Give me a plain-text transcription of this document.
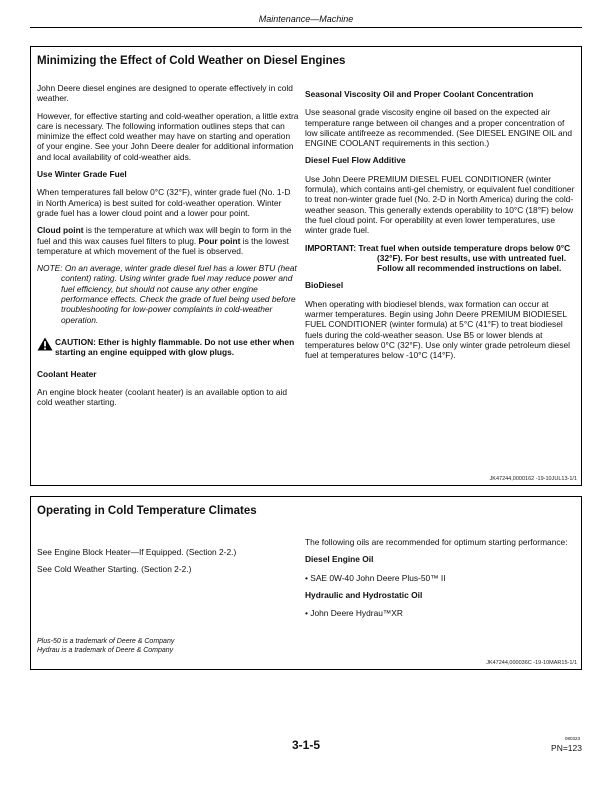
Maintenance—Machine
Minimizing the Effect of Cold Weather on Diesel Engines

John Deere diesel engines are designed to operate effectively in cold weather.

However, for effective starting and cold-weather operation, a little extra care is necessary. The following information outlines steps that can minimize the effect cold weather may have on starting and operation of your engine. See your John Deere dealer for additional information and local availability of cold-weather aids.

Use Winter Grade Fuel

When temperatures fall below 0°C (32°F), winter grade fuel (No. 1-D in North America) is best suited for cold-weather operation. Winter grade fuel has a lower cloud point and a lower pour point.

Cloud point is the temperature at which wax will begin to form in the fuel and this wax causes fuel filters to plug. Pour point is the lowest temperature at which movement of the fuel is observed.

NOTE: On an average, winter grade diesel fuel has a lower BTU (heat content) rating. Using winter grade fuel may reduce power and fuel efficiency, but should not cause any other engine performance effects. Check the grade of fuel being used before troubleshooting for low-power complaints in cold-weather operation.

CAUTION: Ether is highly flammable. Do not use ether when starting an engine equipped with glow plugs.
Coolant Heater

An engine block heater (coolant heater) is an available option to aid cold weather starting.

Seasonal Viscosity Oil and Proper Coolant Concentration

Use seasonal grade viscosity engine oil based on the expected air temperature range between oil changes and a proper concentration of low silicate antifreeze as recommended. (See DIESEL ENGINE OIL and ENGINE COOLANT requirements in this section.)

Diesel Fuel Flow Additive

Use John Deere PREMIUM DIESEL FUEL CONDITIONER (winter formula), which contains anti-gel chemistry, or equivalent fuel conditioner to treat non-winter grade fuel (No. 2-D in North America) during the cold-weather season. This generally extends operability to 10°C (18°F) below the fuel cloud point. For operability at even lower temperatures, use winter grade fuel.

IMPORTANT: Treat fuel when outside temperature drops below 0°C (32°F). For best results, use with untreated fuel. Follow all recommended instructions on label.

BioDiesel

When operating with biodiesel blends, wax formation can occur at warmer temperatures. Begin using John Deere PREMIUM BIODIESEL FUEL CONDITIONER (winter formula) at 5°C (41°F) to treat biodiesel fuels during the cold-weather season. Use B5 or lower blends at temperatures below 0°C (32°F). Use only winter grade petroleum diesel fuel at temperatures below -10°C (14°F).

JK47244,0000162 -19-10JUL13-1/1
Operating in Cold Temperature Climates

See Engine Block Heater—If Equipped. (Section 2-2.)

See Cold Weather Starting. (Section 2-2.)

The following oils are recommended for optimum starting performance:

Diesel Engine Oil

• SAE 0W-40 John Deere Plus-50™ II

Hydraulic and Hydrostatic Oil

• John Deere Hydrau™XR

Plus-50 is a trademark of Deere & Company
Hydrau is a trademark of Deere & Company
JK47244,000036C -19-10MAR15-1/1
3-1-5	080323
PN=123
